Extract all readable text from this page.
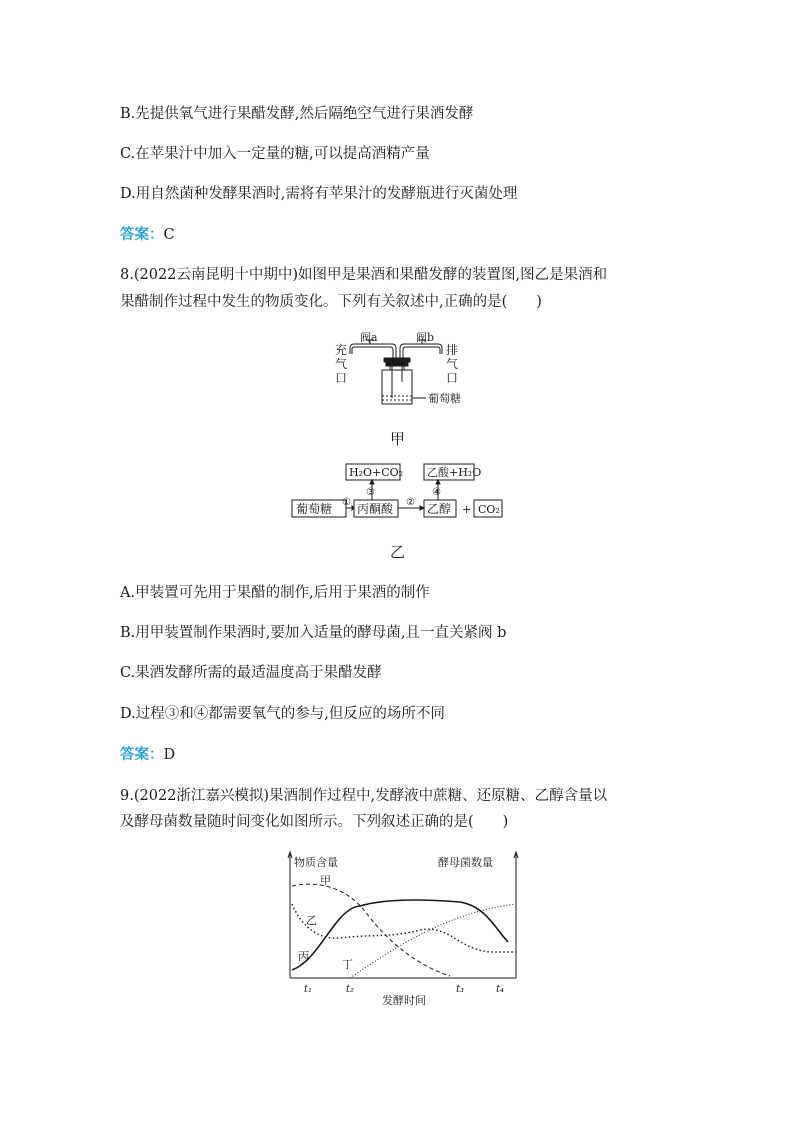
B.先提供氧气进行果醋发酵,然后隔绝空气进行果酒发酵
C.在苹果汁中加入一定量的糖,可以提高酒精产量
D.用自然菌种发酵果酒时,需将有苹果汁的发酵瓶进行灭菌处理
答案：C
8.(2022云南昆明十中期中)如图甲是果酒和果醋发酵的装置图,图乙是果酒和
果醋制作过程中发生的物质变化。下列有关叙述中,正确的是(　　)
阀a	阀b
充
气
口
排
气
口
葡萄糖
甲
H₂O+CO₂ 乙酸+H₂O
葡萄糖 丙酮酸	乙醇 CO₂
+
①	②
③	④
乙
A.甲装置可先用于果醋的制作,后用于果酒的制作
B.用甲装置制作果酒时,要加入适量的酵母菌,且一直关紧阀 b
C.果酒发酵所需的最适温度高于果醋发酵
D.过程③和④都需要氧气的参与,但反应的场所不同
答案：D
9.(2022浙江嘉兴模拟)果酒制作过程中,发酵液中蔗糖、还原糖、乙醇含量以
及酵母菌数量随时间变化如图所示。下列叙述正确的是(　　)
物质含量	酵母菌数量
甲
乙
丙
丁
t₁	t₂	t₃	t₄
发酵时间
